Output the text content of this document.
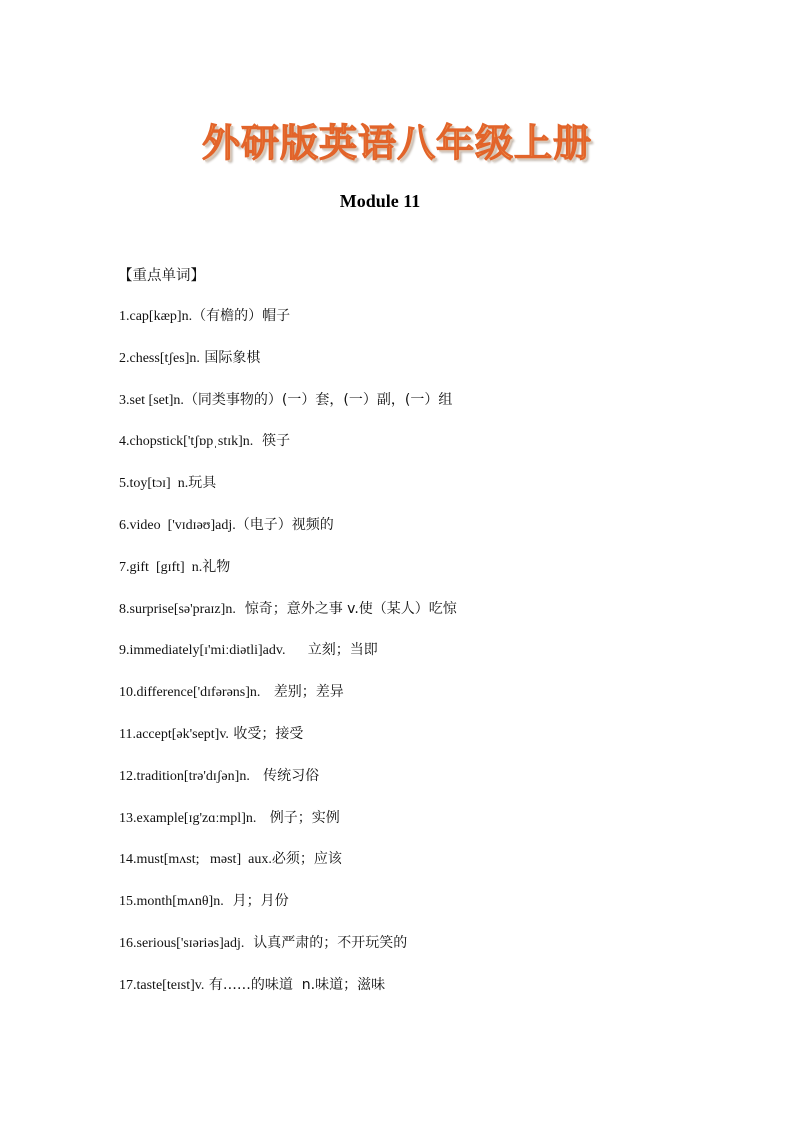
外研版英语八年级上册
Module 11
【重点单词】
1.cap[kæp]n.（有檐的）帽子
2.chess[tʃes]n. 国际象棋
3.set [set]n.（同类事物的）(一）套，(一）副，(一）组
4.chopstick['tʃɒpˌstɪk]n.  筷子
5.toy[tɔɪ]  n.玩具
6.video  ['vɪdɪəʊ]adj.（电子）视频的
7.gift  [gɪft]  n.礼物
8.surprise[sə'praɪz]n.  惊奇；意外之事 v.使（某人）吃惊
9.immediately[ɪ'miːdiətli]adv.     立刻；当即
10.difference['dɪfərəns]n.   差别；差异
11.accept[ək'sept]v. 收受；接受
12.tradition[trə'dɪʃən]n.   传统习俗
13.example[ɪg'zɑːmpl]n.   例子；实例
14.must[mʌst;   məst]  aux.必须；应该
15.month[mʌnθ]n.  月；月份
16.serious['sɪəriəs]adj.  认真严肃的；不开玩笑的
17.taste[teɪst]v. 有……的味道  n.味道；滋味
